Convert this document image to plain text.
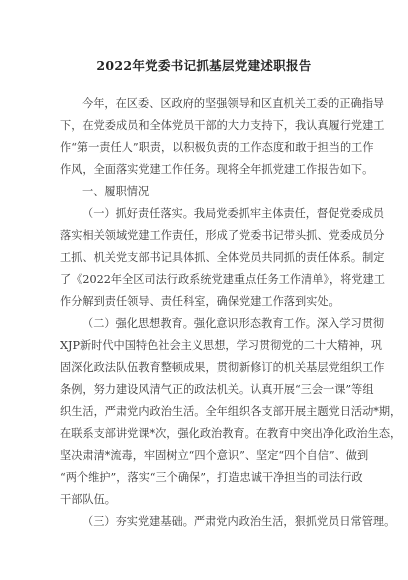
2022年党委书记抓基层党建述职报告
今年，在区委、区政府的坚强领导和区直机关工委的正确指导
下，在党委成员和全体党员干部的大力支持下，我认真履行党建工
作“第一责任人”职责，以积极负责的工作态度和敢于担当的工作
作风，全面落实党建工作任务。现将全年抓党建工作报告如下。
一、履职情况
（一）抓好责任落实。我局党委抓牢主体责任，督促党委成员
落实相关领域党建工作责任，形成了党委书记带头抓、党委成员分
工抓、机关党支部书记具体抓、全体党员共同抓的责任体系。制定
了《2022年全区司法行政系统党建重点任务工作清单》，将党建工
作分解到责任领导、责任科室，确保党建工作落到实处。
（二）强化思想教育。强化意识形态教育工作。深入学习贯彻
XJP新时代中国特色社会主义思想，学习贯彻党的二十大精神，巩
固深化政法队伍教育整顿成果，贯彻新修订的机关基层党组织工作
条例，努力建设风清气正的政法机关。认真开展“三会一课”等组
织生活，严肃党内政治生活。全年组织各支部开展主题党日活动*期，
在联系支部讲党课*次，强化政治教育。在教育中突出净化政治生态，
坚决肃清*流毒，牢固树立“四个意识”、坚定“四个自信”、做到
“两个维护”，落实“三个确保”，打造忠诚干净担当的司法行政
干部队伍。
（三）夯实党建基础。严肃党内政治生活，狠抓党员日常管理。
